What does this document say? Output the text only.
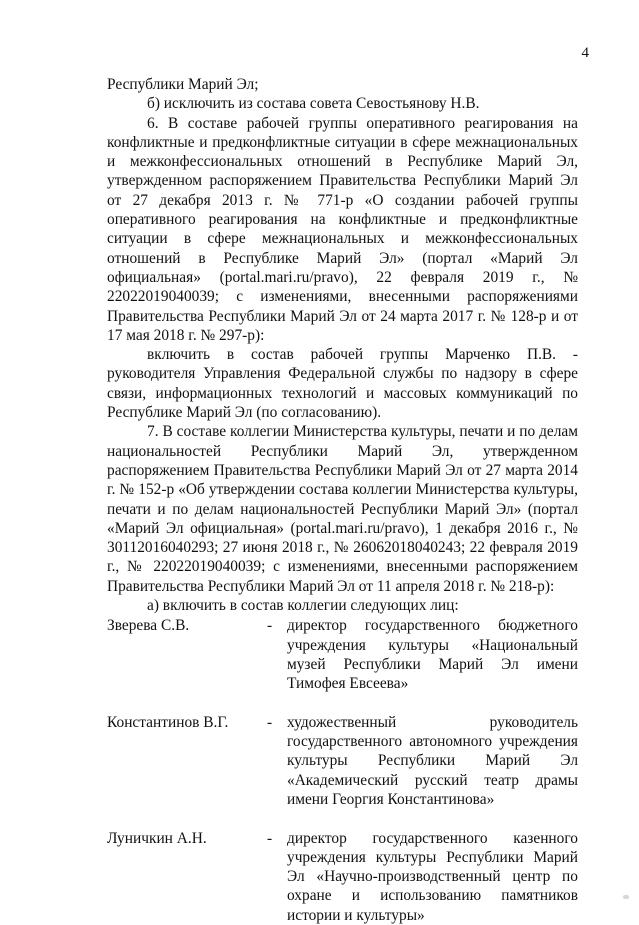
4

Республики Марий Эл;

б) исключить из состава совета Севостьянову Н.В.

6. В составе рабочей группы оперативного реагирования на конфликтные и предконфликтные ситуации в сфере межнациональных и межконфессиональных отношений в Республике Марий Эл, утвержденном распоряжением Правительства Республики Марий Эл от 27 декабря 2013 г. № 771-р «О создании рабочей группы оперативного реагирования на конфликтные и предконфликтные ситуации в сфере межнациональных и межконфессиональных отношений в Республике Марий Эл» (портал «Марий Эл официальная» (portal.mari.ru/pravo), 22 февраля 2019 г., № 22022019040039; с изменениями, внесенными распоряжениями Правительства Республики Марий Эл от 24 марта 2017 г. № 128-р и от 17 мая 2018 г. № 297-р):

включить в состав рабочей группы Марченко П.В. - руководителя Управления Федеральной службы по надзору в сфере связи, информационных технологий и массовых коммуникаций по Республике Марий Эл (по согласованию).

7. В составе коллегии Министерства культуры, печати и по делам национальностей Республики Марий Эл, утвержденном распоряжением Правительства Республики Марий Эл от 27 марта 2014 г. № 152-р «Об утверждении состава коллегии Министерства культуры, печати и по делам национальностей Республики Марий Эл» (портал «Марий Эл официальная» (portal.mari.ru/pravo), 1 декабря 2016 г., № 30112016040293; 27 июня 2018 г., № 26062018040243; 22 февраля 2019 г., № 22022019040039; с изменениями, внесенными распоряжением Правительства Республики Марий Эл от 11 апреля 2018 г. № 218-р):

а) включить в состав коллегии следующих лиц:

Зверева С.В.	- директор государственного бюджетного учреждения культуры «Национальный музей Республики Марий Эл имени Тимофея Евсеева»
Константинов В.Г.	- художественный руководитель государственного автономного учреждения культуры Республики Марий Эл «Академический русский театр драмы имени Георгия Константинова»
Луничкин А.Н.	- директор государственного казенного учреждения культуры Республики Марий Эл «Научно-производственный центр по охране и использованию памятников истории и культуры»
